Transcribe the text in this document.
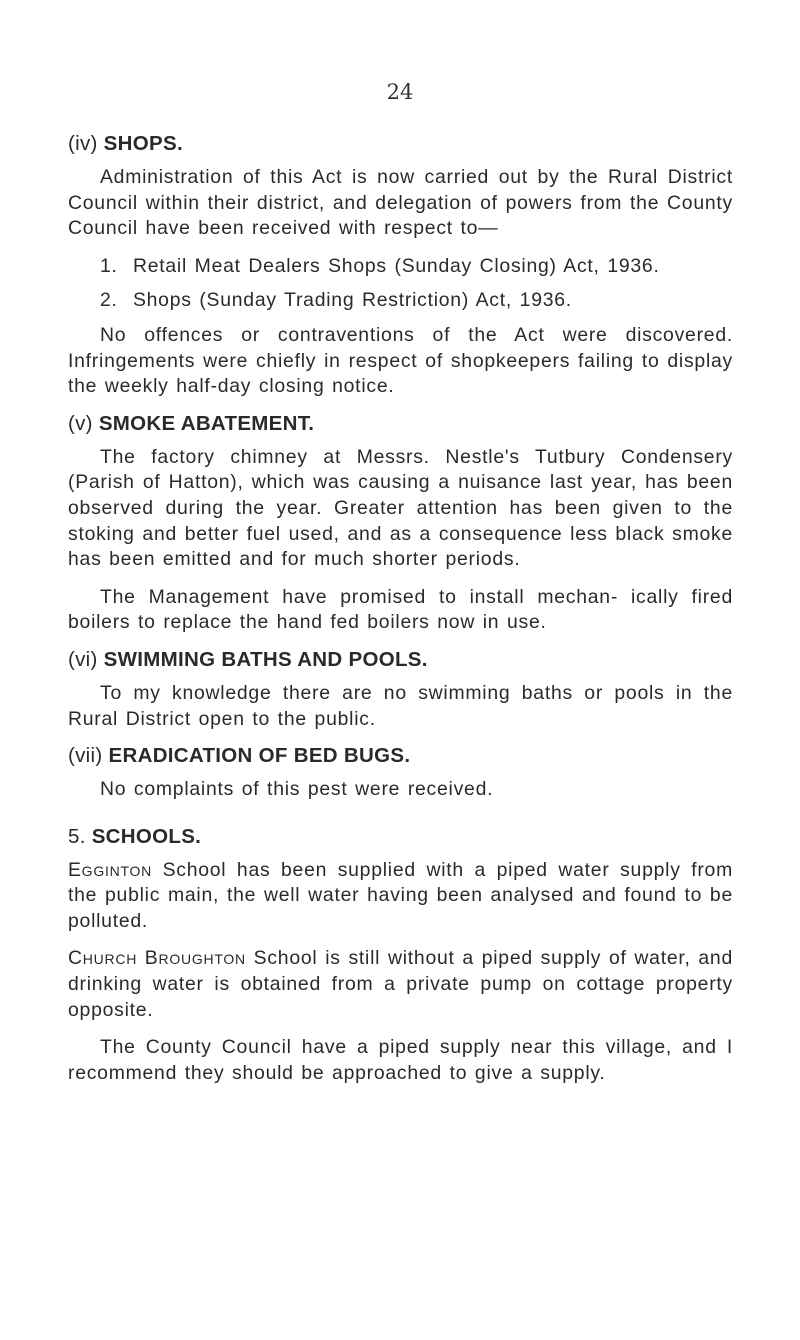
24
(iv) SHOPS.

Administration of this Act is now carried out by the Rural District Council within their district, and delegation of powers from the County Council have been received with respect to—

1. Retail Meat Dealers Shops (Sunday Closing) Act, 1936.
2. Shops (Sunday Trading Restriction) Act, 1936.

No offences or contraventions of the Act were discovered. Infringements were chiefly in respect of shopkeepers failing to display the weekly half-day closing notice.

(v) SMOKE ABATEMENT.

The factory chimney at Messrs. Nestle's Tutbury Condensery (Parish of Hatton), which was causing a nuisance last year, has been observed during the year. Greater attention has been given to the stoking and better fuel used, and as a consequence less black smoke has been emitted and for much shorter periods.

The Management have promised to install mechan- ically fired boilers to replace the hand fed boilers now in use.

(vi) SWIMMING BATHS AND POOLS.

To my knowledge there are no swimming baths or pools in the Rural District open to the public.

(vii) ERADICATION OF BED BUGS.

No complaints of this pest were received.

5. SCHOOLS.

Egginton School has been supplied with a piped water supply from the public main, the well water having been analysed and found to be polluted.

Church Broughton School is still without a piped supply of water, and drinking water is obtained from a private pump on cottage property opposite.

The County Council have a piped supply near this village, and I recommend they should be approached to give a supply.
